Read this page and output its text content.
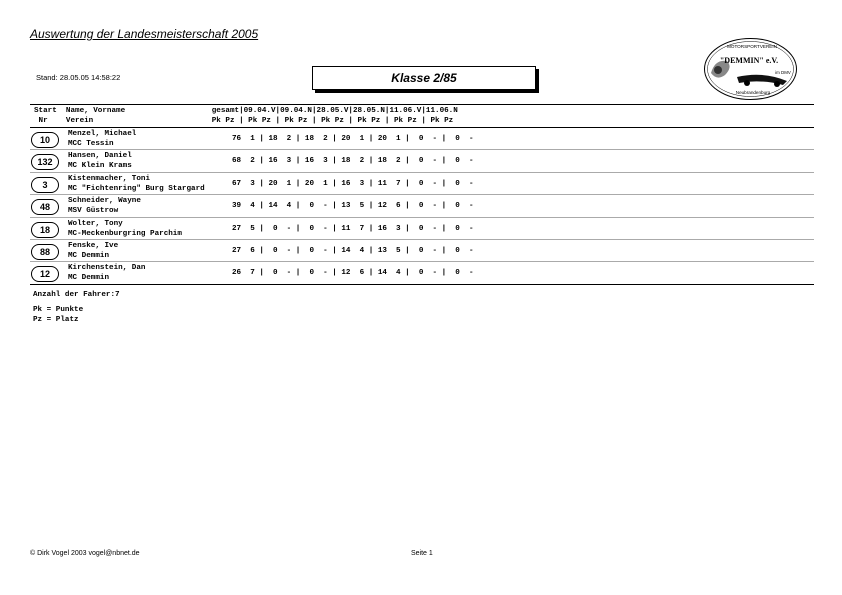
Auswertung der Landesmeisterschaft 2005
Stand: 28.05.05 14:58:22	Klasse 2/85
MOTORSPORTVEREIN
"DEMMIN" e.V.
im DMV
Neubrandenburg
Start  Name, Vorname                   gesamt|09.04.V|09.04.N|28.05.V|28.05.N|11.06.V|11.06.N
Nr    Verein                          Pk Pz | Pk Pz | Pk Pz | Pk Pz | Pk Pz | Pk Pz | Pk Pz
10
Menzel, Michael
MCC Tessin
76  1 | 18  2 | 18  2 | 20  1 | 20  1 |  0  - |  0  -
132
Hansen, Daniel
MC Klein Krams
68  2 | 16  3 | 16  3 | 18  2 | 18  2 |  0  - |  0  -
3
Kistenmacher, Toni
MC "Fichtenring" Burg Stargard
67  3 | 20  1 | 20  1 | 16  3 | 11  7 |  0  - |  0  -
48
Schneider, Wayne
MSV Güstrow
39  4 | 14  4 |  0  - | 13  5 | 12  6 |  0  - |  0  -
18
Wolter, Tony
MC-Meckenburgring Parchim
27  5 |  0  - |  0  - | 11  7 | 16  3 |  0  - |  0  -
88
Fenske, Ive
MC Demmin
27  6 |  0  - |  0  - | 14  4 | 13  5 |  0  - |  0  -
12
Kirchenstein, Dan
MC Demmin
26  7 |  0  - |  0  - | 12  6 | 14  4 |  0  - |  0  -
Anzahl der Fahrer:7
Pk = Punkte
Pz = Platz
© Dirk Vogel 2003 vogel@nbnet.de	Seite 1
